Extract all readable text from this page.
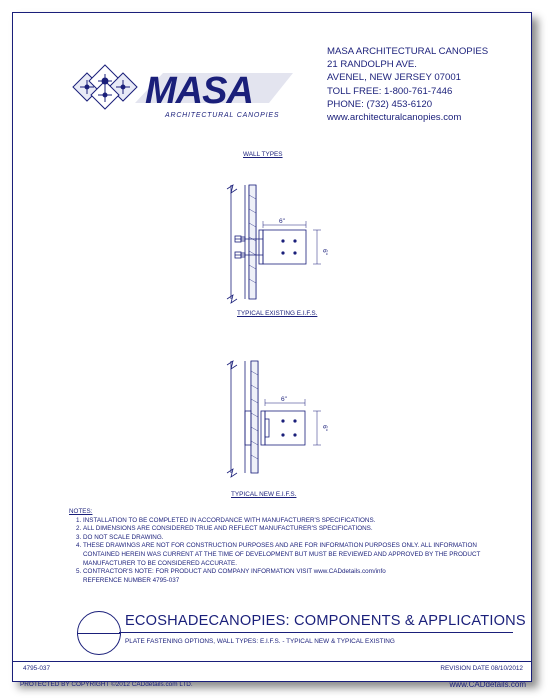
MASA
ARCHITECTURAL CANOPIES
MASA ARCHITECTURAL CANOPIES
21 RANDOLPH AVE.
AVENEL, NEW JERSEY 07001
TOLL FREE: 1-800-761-7446
PHONE: (732) 453-6120
www.architecturalcanopies.com
WALL TYPES
6"
6"
TYPICAL EXISTING E.I.F.S.
6"
6"
TYPICAL NEW E.I.F.S.
NOTES:
1. INSTALLATION TO BE COMPLETED IN ACCORDANCE WITH MANUFACTURER'S SPECIFICATIONS.
2. ALL DIMENSIONS ARE CONSIDERED TRUE AND REFLECT MANUFACTURER'S SPECIFICATIONS.
3. DO NOT SCALE DRAWING.
4. THESE DRAWINGS ARE NOT FOR CONSTRUCTION PURPOSES AND ARE FOR INFORMATION PURPOSES ONLY. ALL INFORMATION CONTAINED HEREIN WAS CURRENT AT THE TIME OF DEVELOPMENT BUT MUST BE REVIEWED AND APPROVED BY THE PRODUCT MANUFACTURER TO BE CONSIDERED ACCURATE.
5. CONTRACTOR'S NOTE: FOR PRODUCT AND COMPANY INFORMATION VISIT www.CADdetails.com/info
REFERENCE NUMBER 4795-037
ECOSHADECANOPIES: COMPONENTS & APPLICATIONS
PLATE FASTENING OPTIONS, WALL TYPES: E.I.F.S. - TYPICAL NEW & TYPICAL EXISTING
4795-037	REVISION DATE 08/10/2012
PROTECTED BY COPYRIGHT ©2012 CADdetails.com LTD.	www.CADdetails.com
